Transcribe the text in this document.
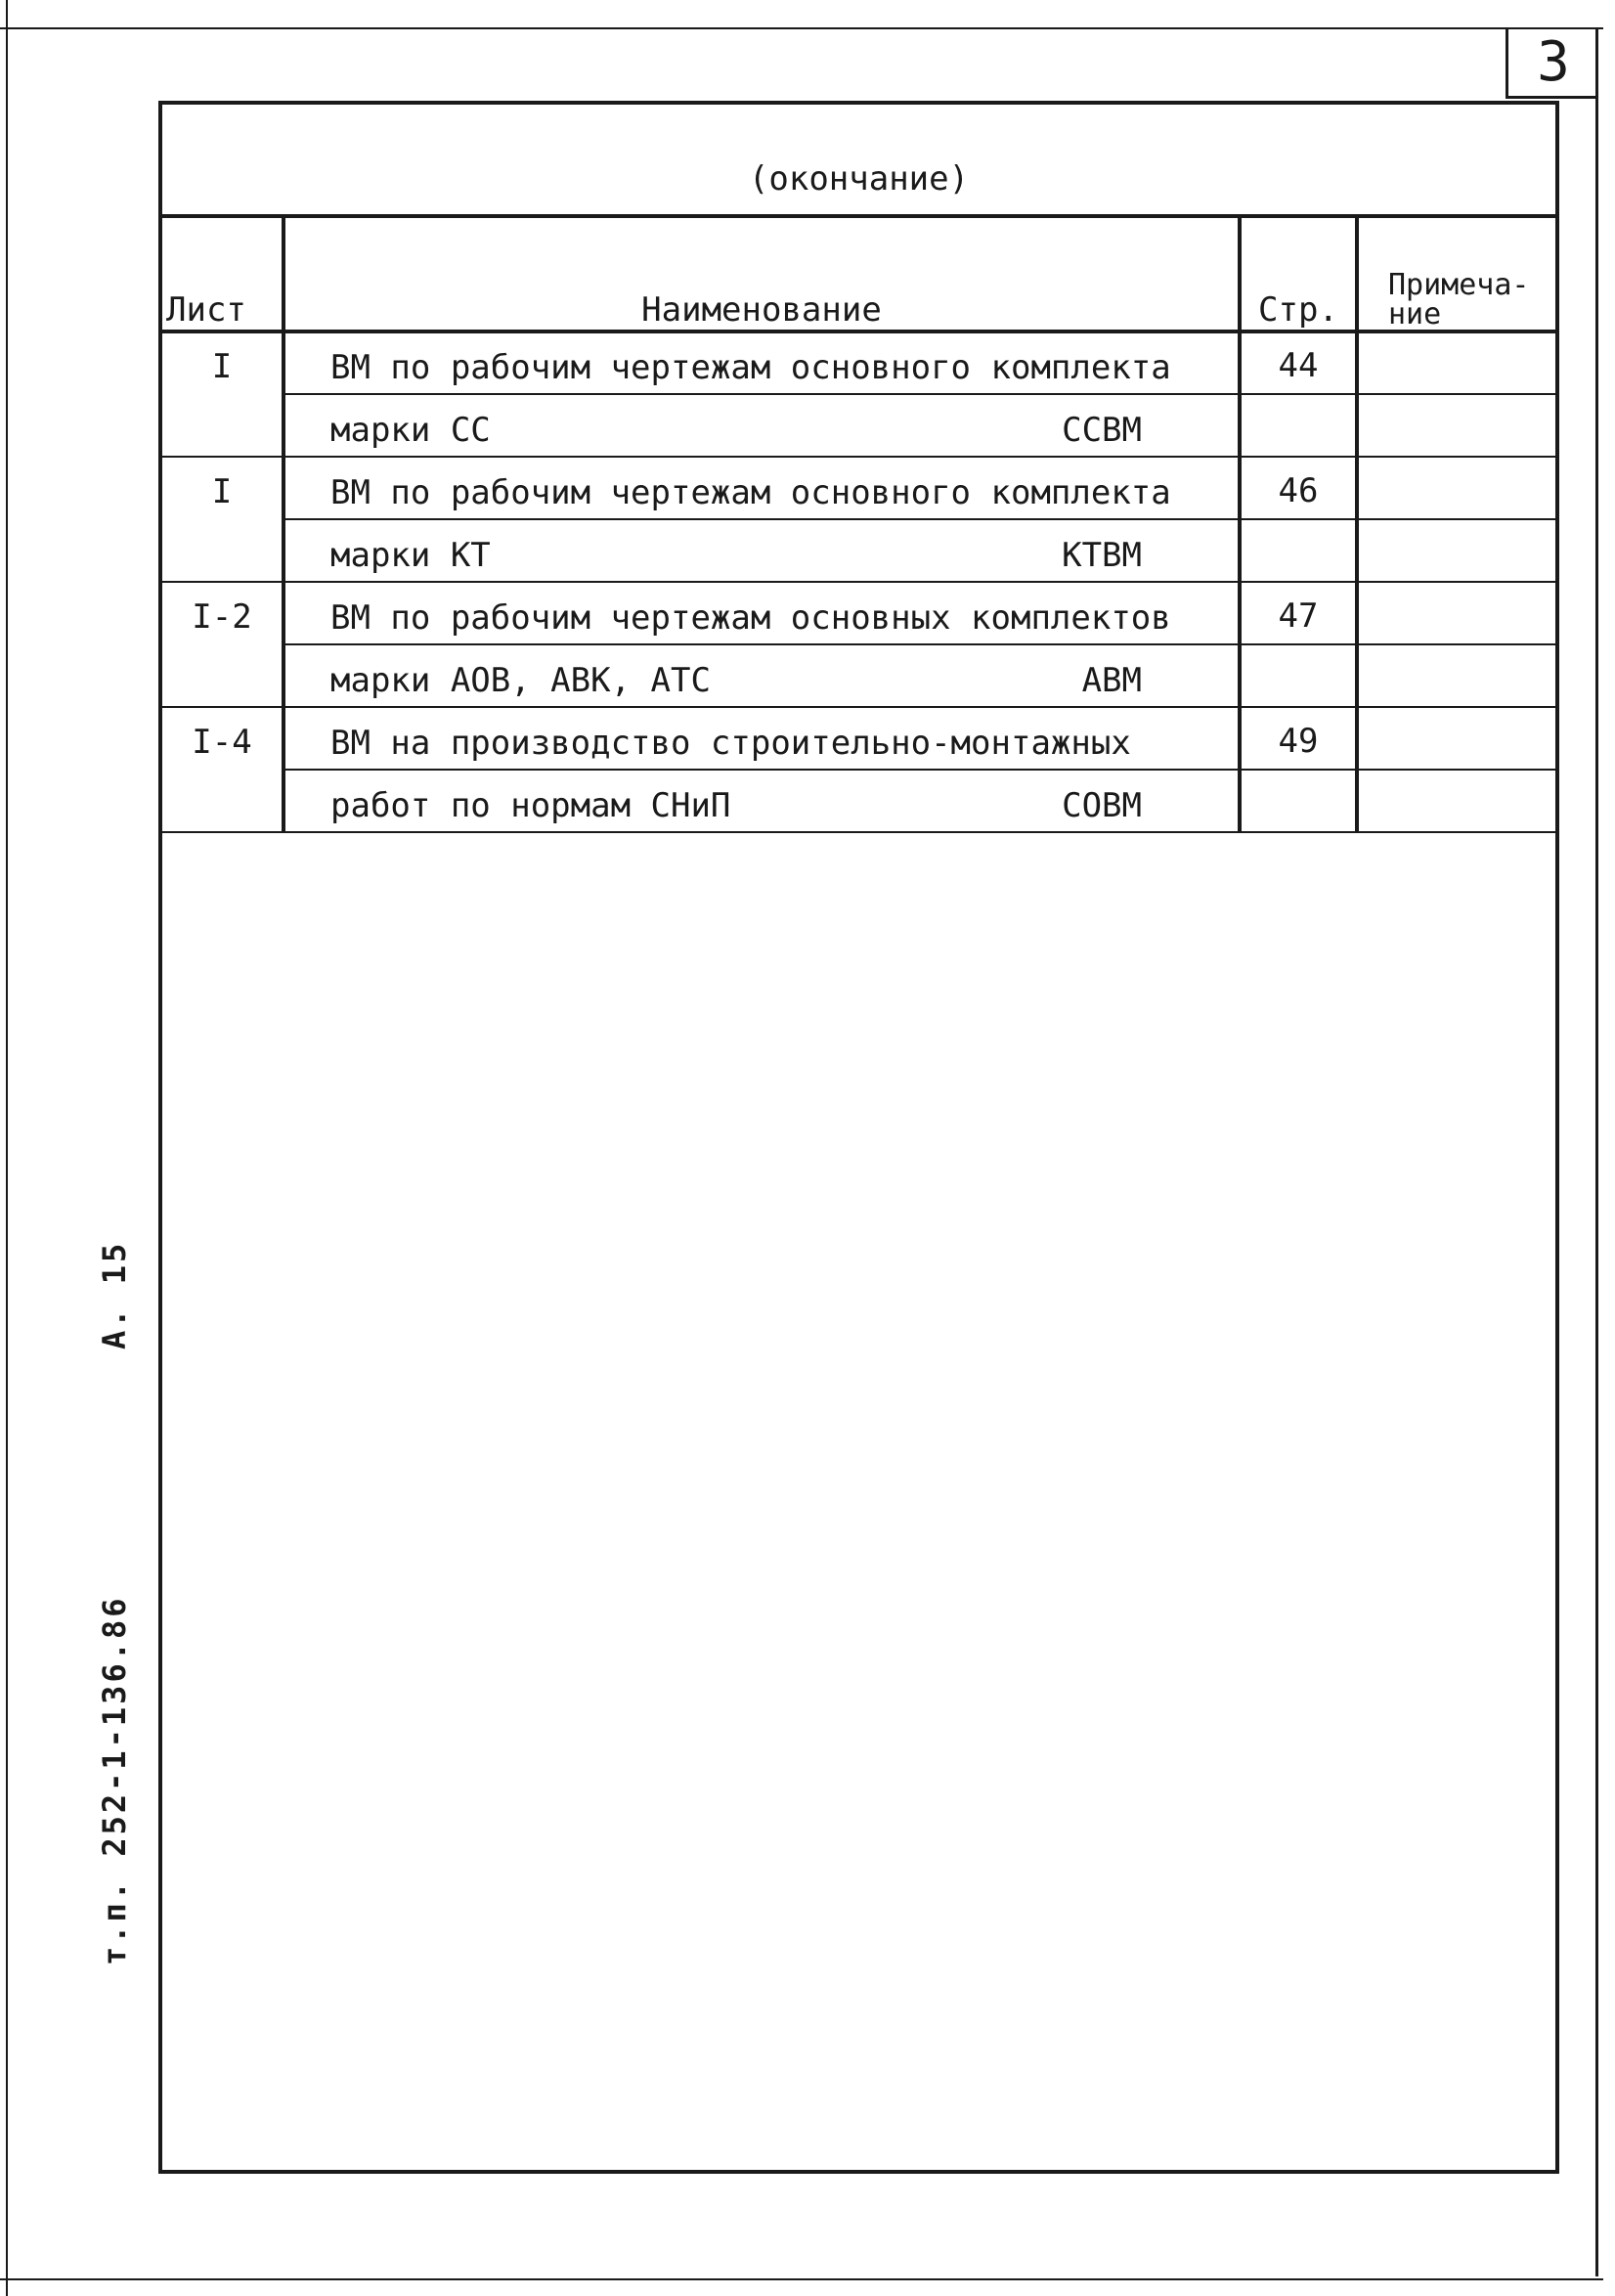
3
(окончание)
Лист	Наименование	Стр.	Примеча-
ние

I	ВМ по рабочим чертежам основного комплекта	44	

	марки СС ССВМ		

I	ВМ по рабочим чертежам основного комплекта	46	

	марки КТ КТВМ		

I-2	ВМ по рабочим чертежам основных комплектов	47	

	марки АОВ, АВК, АТС АВМ		

I-4	ВМ на производство строительно-монтажных	49	

	работ по нормам СНиП СОВМ		

А. 15
т.п. 252-1-136.86
